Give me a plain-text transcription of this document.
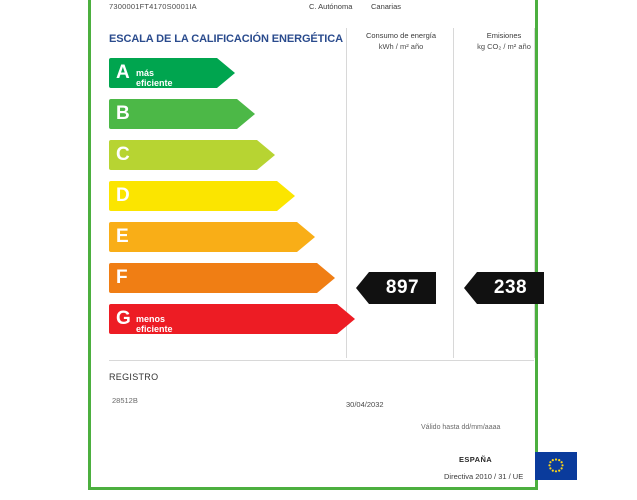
7300001FT4170S0001IA	C. Autónoma Canarias
ESCALA DE LA CALIFICACIÓN ENERGÉTICA	Consumo de energía
kWh / m² año
Emisiones
kg CO₂ / m² año
A más eficiente
B
C
D
E
F
G menos eficiente
897	238
REGISTRO
28512B	30/04/2032
Válido hasta dd/mm/aaaa
ESPAÑA
Directiva 2010 / 31 / UE
